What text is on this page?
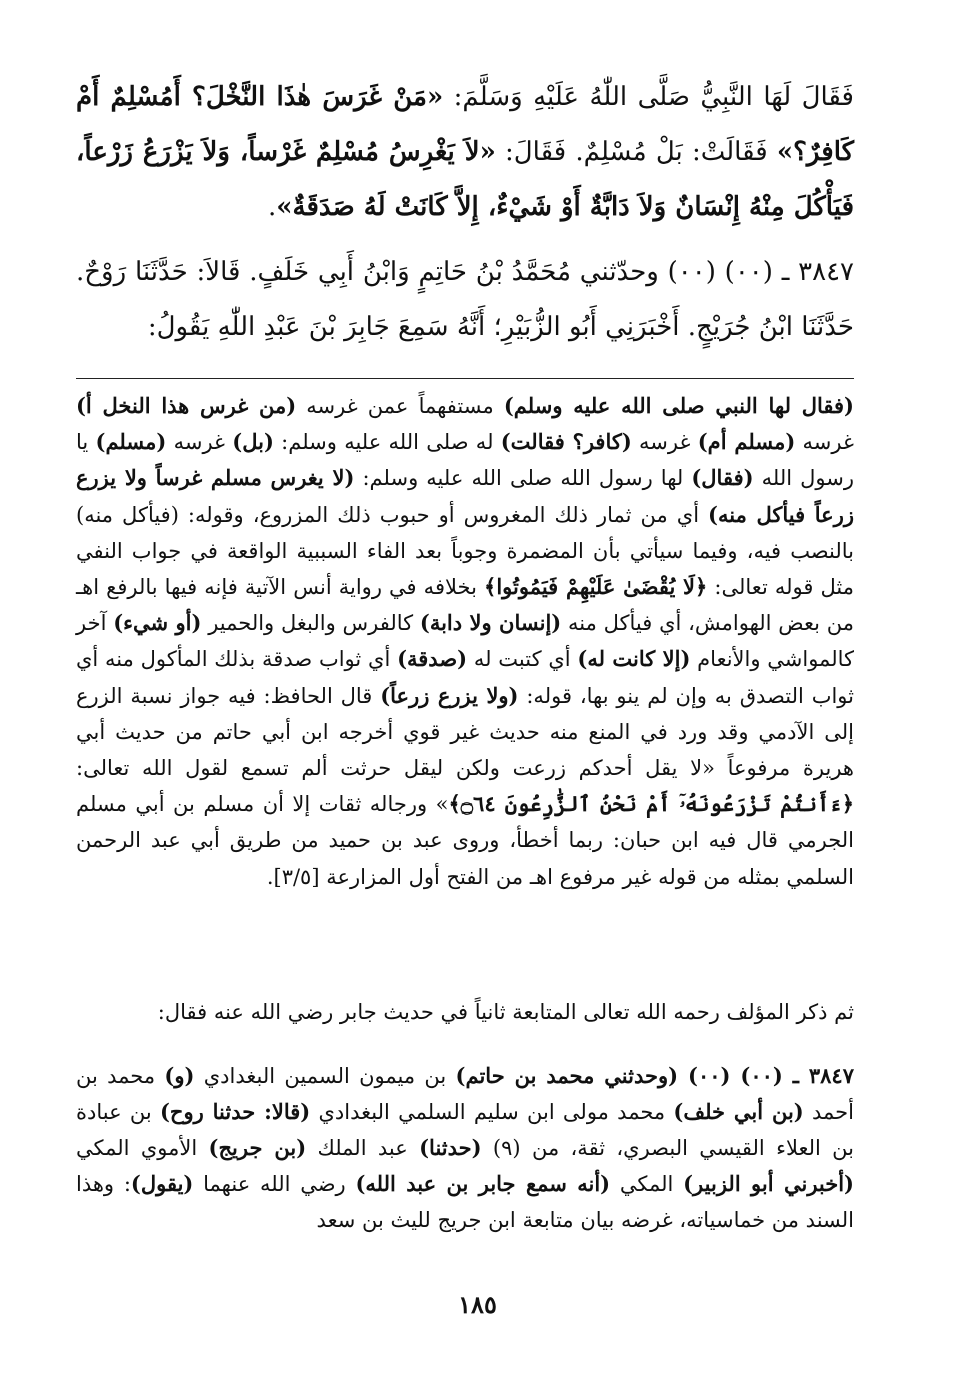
فَقَالَ لَهَا النَّبِيُّ صَلَّى اللّٰهُ عَلَيْهِ وَسَلَّمَ: «مَنْ غَرَسَ هٰذَا النَّخْلَ؟ أَمُسْلِمٌ أَمْ كَافِرٌ؟» فَقَالَتْ: بَلْ مُسْلِمٌ. فَقَالَ: «لاَ يَغْرِسُ مُسْلِمٌ غَرْساً، وَلاَ يَزْرَعُ زَرْعاً، فَيَأْكُلَ مِنْهُ إِنْسَانٌ وَلاَ دَابَّةٌ أَوْ شَيْءٌ، إِلاَّ كَانَتْ لَهُ صَدَقَةٌ».

٣٨٤٧ ـ (٠٠) (٠٠) وحدّثني مُحَمَّدُ بْنُ حَاتِمٍ وَابْنُ أَبِي خَلَفٍ. قَالاَ: حَدَّثَنَا رَوْحٌ. حَدَّثَنَا ابْنُ جُرَيْجٍ. أَخْبَرَنِي أَبُو الزُّبَيْرِ؛ أَنَّهُ سَمِعَ جَابِرَ بْنَ عَبْدِ اللّٰهِ يَقُولُ:

(فقال لها النبي صلى الله عليه وسلم) مستفهماً عمن غرسه (من غرس هذا النخل أ) غرسه (مسلم أم) غرسه (كافر؟ فقالت) له صلى الله عليه وسلم: (بل) غرسه (مسلم) يا رسول الله (فقال) لها رسول الله صلى الله عليه وسلم: (لا يغرس مسلم غرساً ولا يزرع زرعاً فيأكل منه) أي من ثمار ذلك المغروس أو حبوب ذلك المزروع، وقوله: (فيأكل منه) بالنصب فيه، وفيما سيأتي بأن المضمرة وجوباً بعد الفاء السببية الواقعة في جواب النفي مثل قوله تعالى: ﴿لَا يُقْضَىٰ عَلَيْهِمْ فَيَمُوتُوا﴾ بخلافه في رواية أنس الآتية فإنه فيها بالرفع اهـ من بعض الهوامش، أي فيأكل منه (إنسان ولا دابة) كالفرس والبغل والحمير (أو شيء) آخر كالمواشي والأنعام (إلا كانت له) أي كتبت له (صدقة) أي ثواب صدقة بذلك المأكول منه أي ثواب التصدق به وإن لم ينو بها، قوله: (ولا يزرع زرعاً) قال الحافظ: فيه جواز نسبة الزرع إلى الآدمي وقد ورد في المنع منه حديث غير قوي أخرجه ابن أبي حاتم من حديث أبي هريرة مرفوعاً «لا يقل أحدكم زرعت ولكن ليقل حرثت ألم تسمع لقول الله تعالى: ﴿ءَأَنتُمْ تَزْرَعُونَهُۥٓ أَمْ نَحْنُ ٱلزَّٰرِعُونَ ۝٦٤﴾» ورجاله ثقات إلا أن مسلم بن أبي مسلم الجرمي قال فيه ابن حبان: ربما أخطأ، وروى عبد بن حميد من طريق أبي عبد الرحمن السلمي بمثله من قوله غير مرفوع اهـ من الفتح أول المزارعة [٣/٥].

ثم ذكر المؤلف رحمه الله تعالى المتابعة ثانياً في حديث جابر رضي الله عنه فقال:

٣٨٤٧ ـ (٠٠) (٠٠) (وحدثني محمد بن حاتم) بن ميمون السمين البغدادي (و) محمد بن أحمد (بن أبي خلف) محمد مولى ابن سليم السلمي البغدادي (قالا: حدثنا روح) بن عبادة بن العلاء القيسي البصري، ثقة، من (٩) (حدثنا) عبد الملك (بن جريج) الأموي المكي (أخبرني أبو الزبير) المكي (أنه سمع جابر بن عبد الله) رضي الله عنهما (يقول): وهذا السند من خماسياته، غرضه بيان متابعة ابن جريج لليث بن سعد

١٨٥
